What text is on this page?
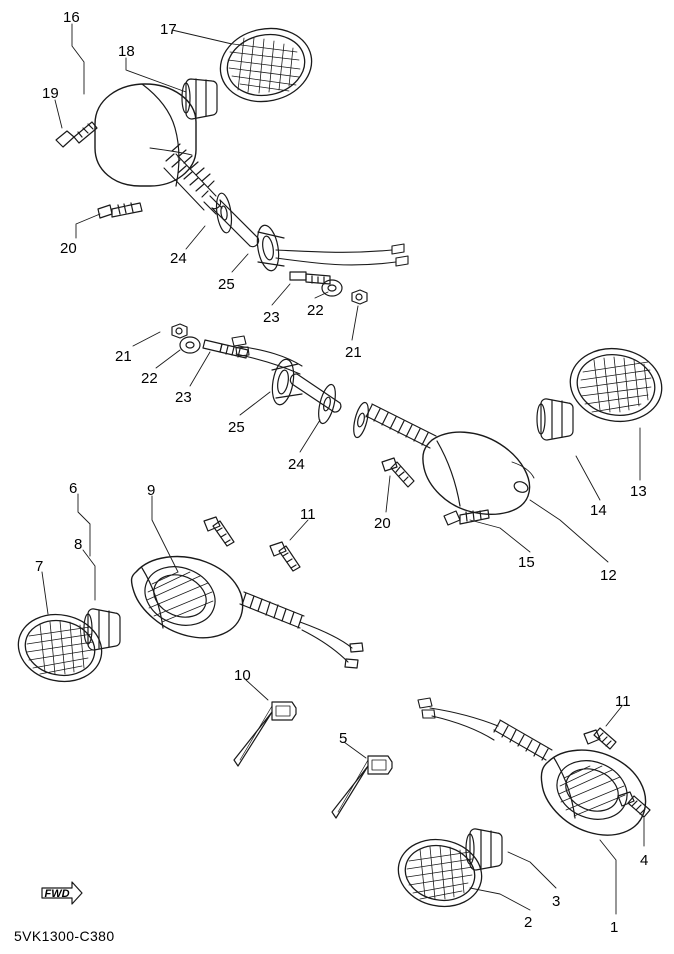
FWD
5VK1300-C380
16
17
18
19
20
24
25
23 22
21
21
22
23
25
24
20
15
14
13
12
6	9
8
7
11
10
5
11
4
3
2	1
